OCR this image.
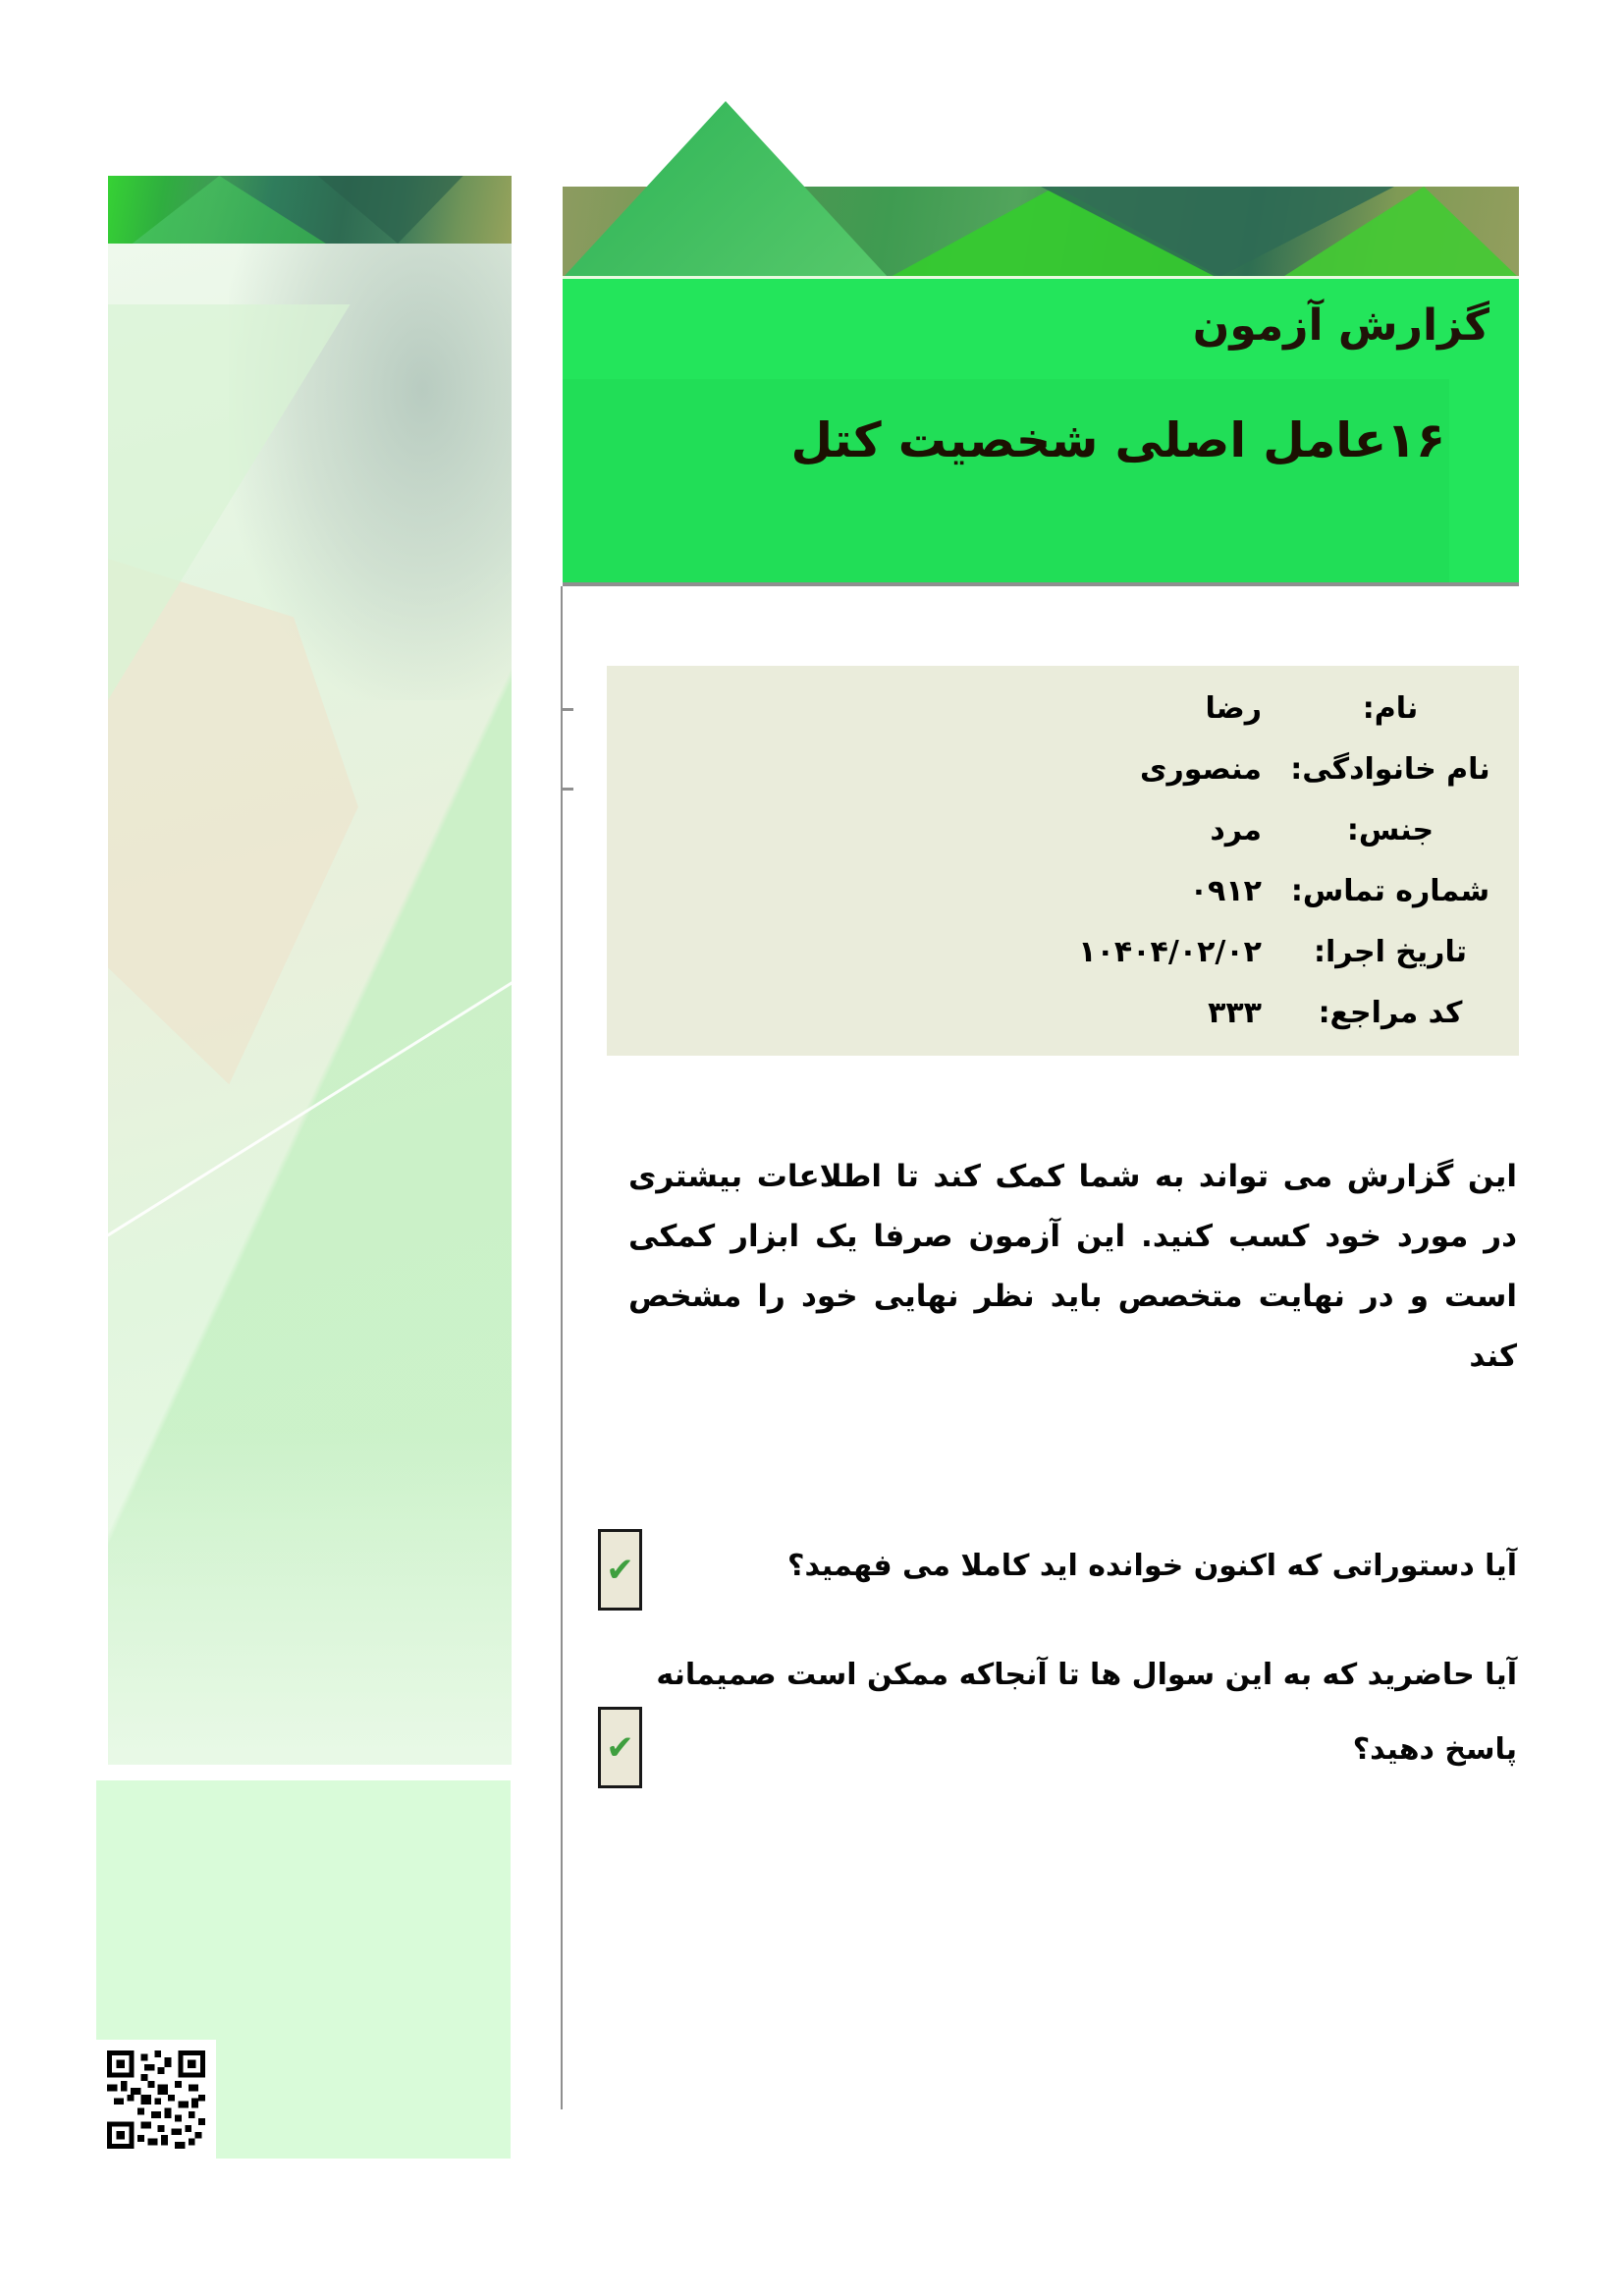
گزارش آزمون
۱۶عامل اصلی شخصیت کتل
نام:
رضا
نام خانوادگی:
منصوری
جنس:
مرد
شماره تماس:
۰۹۱۲
تاریخ اجرا:
۱۰۴۰۴/۰۲/۰۲
کد مراجع:
۳۳۳
این گزارش می تواند به شما کمک کند تا اطلاعات بیشتری در مورد خود کسب کنید. این آزمون صرفا یک ابزار کمکی است و در نهایت متخصص باید نظر نهایی خود را مشخص کند
آیا دستوراتی که اکنون خوانده اید کاملا می فهمید؟
✔
آیا حاضرید که به این سوال ها تا آنجاکه ممکن است صمیمانه پاسخ دهید؟
✔
